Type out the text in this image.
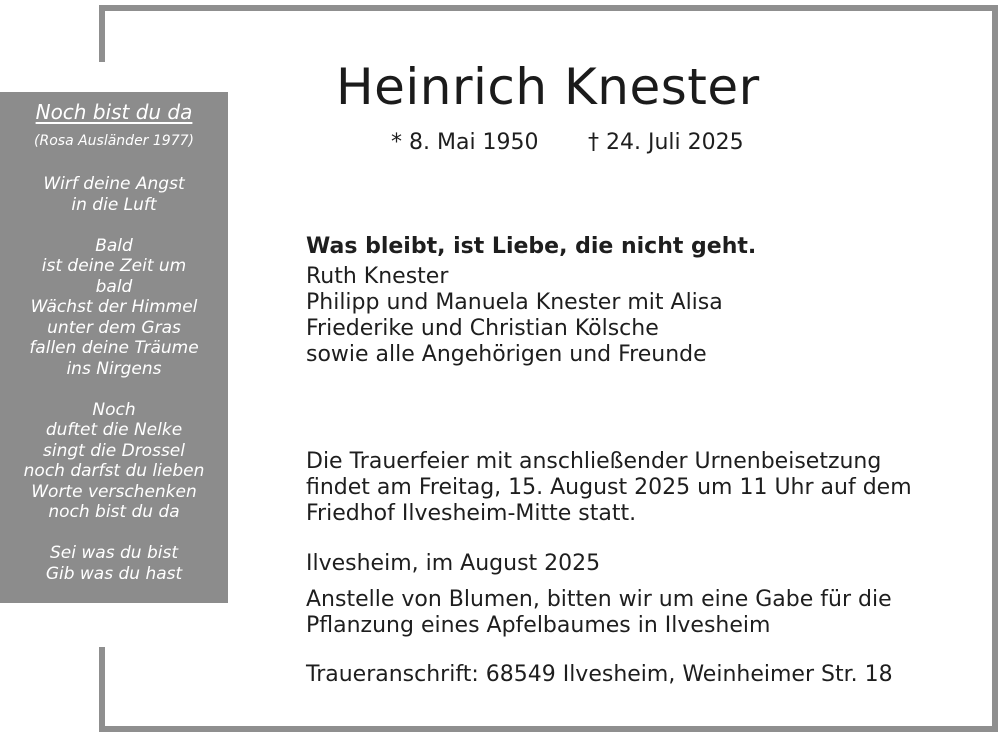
Noch bist du da
(Rosa Ausländer 1977)
Wirf deine Angst
in die Luft
Bald
ist deine Zeit um
bald
Wächst der Himmel
unter dem Gras
fallen deine Träume
ins Nirgens
Noch
duftet die Nelke
singt die Drossel
noch darfst du lieben
Worte verschenken
noch bist du da
Sei was du bist
Gib was du hast
Heinrich Knester
* 8. Mai 1950 † 24. Juli 2025
Was bleibt, ist Liebe, die nicht geht.
Ruth Knester
Philipp und Manuela Knester mit Alisa
Friederike und Christian Kölsche
sowie alle Angehörigen und Freunde
Die Trauerfeier mit anschließender Urnenbeisetzung
findet am Freitag, 15. August 2025 um 11 Uhr auf dem
Friedhof Ilvesheim-Mitte statt.
Ilvesheim, im August 2025
Anstelle von Blumen, bitten wir um eine Gabe für die
Pflanzung eines Apfelbaumes in Ilvesheim
Traueranschrift: 68549 Ilvesheim, Weinheimer Str. 18
